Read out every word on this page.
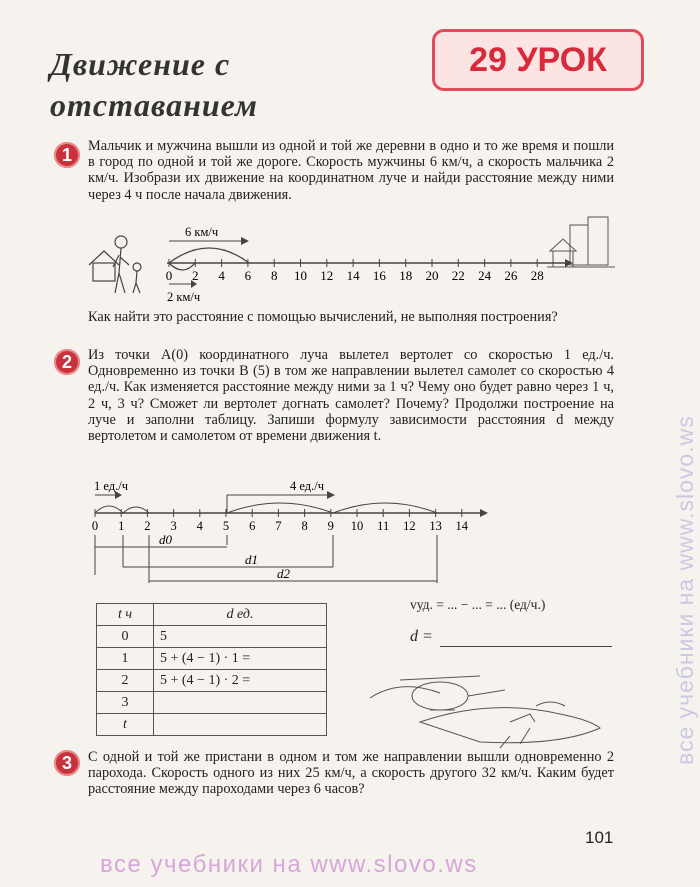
Движение с
отставанием
29 УРОК
1	Мальчик и мужчина вышли из одной и той же деревни в одно и то же время и пошли в город по одной и той же дороге. Скорость мужчины 6 км/ч, а скорость мальчика 2 км/ч. Изобрази их движение на координатном луче и найди расстояние между ними через 4 ч после начала движения.
6 км/ч
2 км/ч
0 2 4 6 8 10 12 14 16 18 20 22 24 26 28
Как найти это расстояние с помощью вычислений, не выполняя построения?
2	Из точки A(0) координатного луча вылетел вертолет со скоростью 1 ед./ч. Одновременно из точки B (5) в том же направлении вылетел самолет со скоростью 4 ед./ч. Как изменяется расстояние между ними за 1 ч? Чему оно будет равно через 1 ч, 2 ч, 3 ч? Сможет ли вертолет догнать самолет? Почему? Продолжи построение на луче и заполни таблицу. Запиши формулу зависимости расстояния d между вертолетом и самолетом от времени движения t.
1 ед./ч	4 ед./ч
d0
d1
d2
0 1 2 3 4 5 6 7 8 9 10 11 12 13 14
t ч	d ед.
0	5
1	5 + (4 − 1) · 1 =
2	5 + (4 − 1) · 2 =
3	
t	
vуд. = ... − ... = ... (ед/ч.)
d =
3	С одной и той же пристани в одном и том же направлении вышли одновременно 2 парохода. Скорость одного из них 25 км/ч, а скорость другого 32 км/ч. Каким будет расстояние между пароходами через 6 часов?
101
все учебники на www.slovo.ws
все учебники на www.slovo.ws
